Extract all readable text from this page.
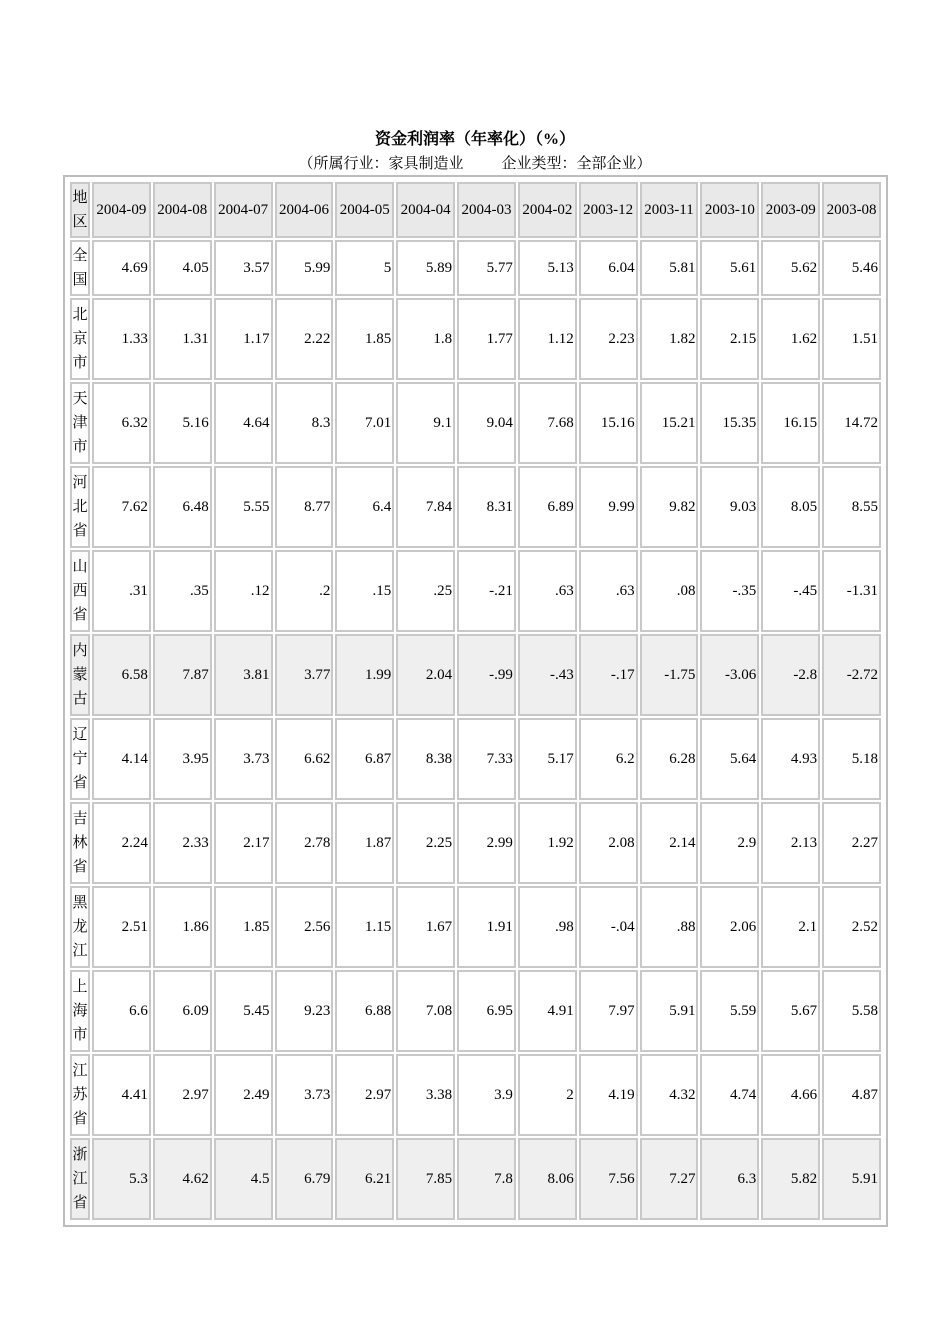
资金利润率（年率化）（%）
（所属行业：家具制造业	企业类型：全部企业）
地区	2004-09	2004-08	2004-07	2004-06	2004-05	2004-04	2004-03	2004-02	2003-12	2003-11	2003-10	2003-09	2003-08
全国	4.69	4.05	3.57	5.99	5	5.89	5.77	5.13	6.04	5.81	5.61	5.62	5.46
北京市	1.33	1.31	1.17	2.22	1.85	1.8	1.77	1.12	2.23	1.82	2.15	1.62	1.51
天津市	6.32	5.16	4.64	8.3	7.01	9.1	9.04	7.68	15.16	15.21	15.35	16.15	14.72
河北省	7.62	6.48	5.55	8.77	6.4	7.84	8.31	6.89	9.99	9.82	9.03	8.05	8.55
山西省	.31	.35	.12	.2	.15	.25	-.21	.63	.63	.08	-.35	-.45	-1.31
内蒙古	6.58	7.87	3.81	3.77	1.99	2.04	-.99	-.43	-.17	-1.75	-3.06	-2.8	-2.72
辽宁省	4.14	3.95	3.73	6.62	6.87	8.38	7.33	5.17	6.2	6.28	5.64	4.93	5.18
吉林省	2.24	2.33	2.17	2.78	1.87	2.25	2.99	1.92	2.08	2.14	2.9	2.13	2.27
黑龙江	2.51	1.86	1.85	2.56	1.15	1.67	1.91	.98	-.04	.88	2.06	2.1	2.52
上海市	6.6	6.09	5.45	9.23	6.88	7.08	6.95	4.91	7.97	5.91	5.59	5.67	5.58
江苏省	4.41	2.97	2.49	3.73	2.97	3.38	3.9	2	4.19	4.32	4.74	4.66	4.87
浙江省	5.3	4.62	4.5	6.79	6.21	7.85	7.8	8.06	7.56	7.27	6.3	5.82	5.91
